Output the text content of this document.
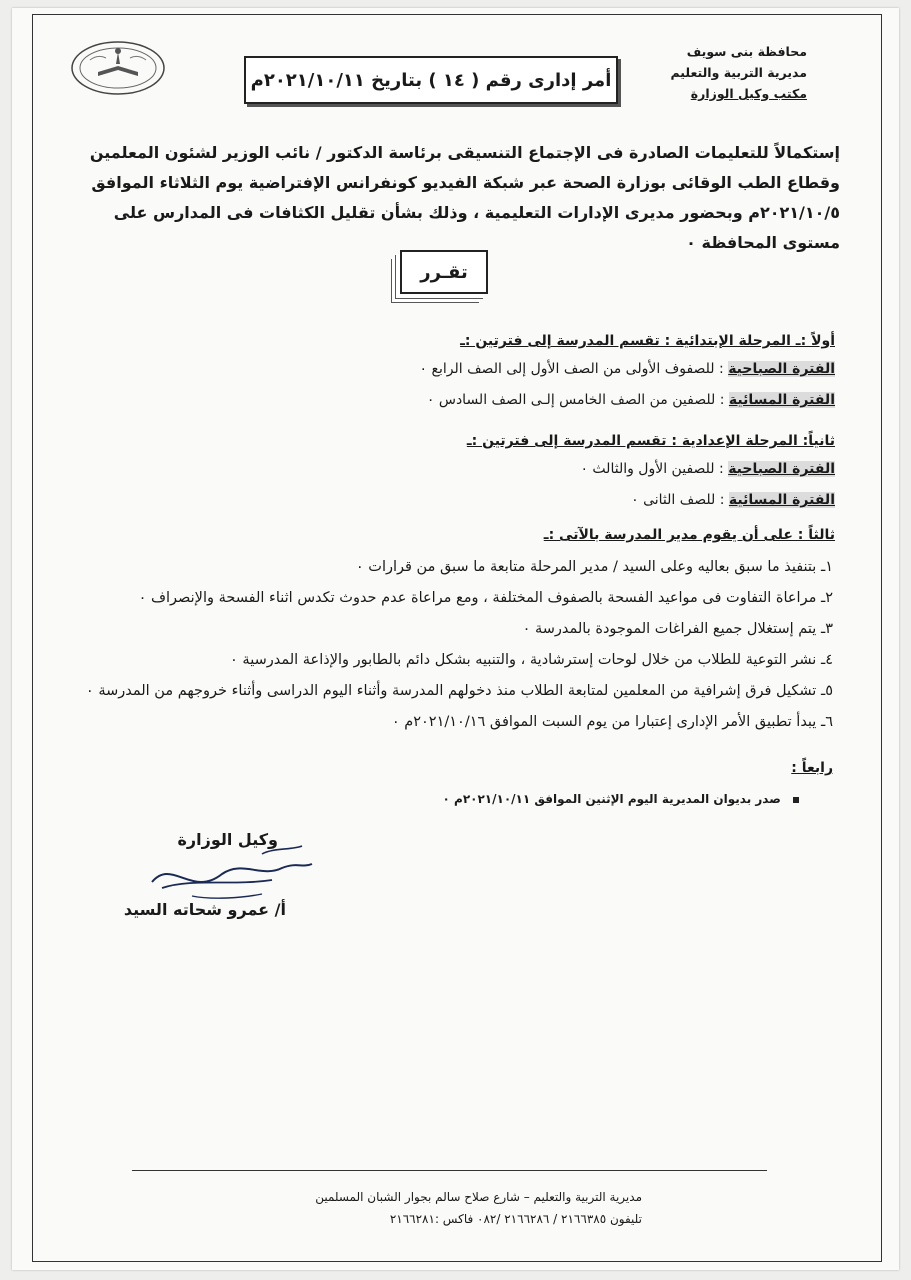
محافظة بنى سويف
مديرية التربية والتعليم
مكتب وكيل الوزارة
أمر إدارى رقم ( ١٤ ) بتاريخ ٢٠٢١/١٠/١١م
إستكمالاً للتعليمات الصادرة فى الإجتماع التنسيقى برئاسة الدكتور / نائب الوزير لشئون المعلمين وقطاع الطب الوقائى بوزارة الصحة عبر شبكة الفيديو كونفرانس الإفتراضية يوم الثلاثاء الموافق ٢٠٢١/١٠/٥م وبحضور مديرى الإدارات التعليمية ، وذلك بشأن تقليل الكثافات فى المدارس على مستوى المحافظة ٠
تقـرر
أولاً :ـ المرحلة الإبتدائية : تقسم المدرسة إلى فترتين :ـ
الفترة الصباحية : للصفوف الأولى من الصف الأول إلى الصف الرابع ٠
الفترة المسائية : للصفين من الصف الخامس إلـى الصف السادس ٠
ثانياً: المرحلة الإعدادية : تقسم المدرسة إلى فترتين :ـ
الفترة الصباحية : للصفين الأول والثالث ٠
الفترة المسائية : للصف الثانى ٠
ثالثاً : على أن يقوم مدير المدرسة بالآتى :ـ
١ـ بتنفيذ ما سبق بعاليه وعلى السيد / مدير المرحلة متابعة ما سبق من قرارات ٠
٢ـ مراعاة التفاوت فى مواعيد الفسحة بالصفوف المختلفة ، ومع مراعاة عدم حدوث تكدس اثناء الفسحة والإنصراف ٠
٣ـ يتم إستغلال جميع الفراغات الموجودة بالمدرسة ٠
٤ـ نشر التوعية للطلاب من خلال لوحات إسترشادية ، والتنبيه بشكل دائم بالطابور والإذاعة المدرسية ٠
٥ـ تشكيل فرق إشرافية من المعلمين لمتابعة الطلاب منذ دخولهم المدرسة وأثناء اليوم الدراسى وأثناء خروجهم من المدرسة ٠
٦ـ يبدأ تطبيق الأمر الإدارى إعتبارا من يوم السبت الموافق ٢٠٢١/١٠/١٦م ٠
رابعاً :
صدر بديوان المديرية اليوم الإثنين الموافق ٢٠٢١/١٠/١١م ٠
وكيل الوزارة
أ/ عمرو شحاته السيد
مديرية التربية والتعليم – شارع صلاح سالم بجوار الشبان المسلمين
تليفون ٢١٦٦٣٨٥ / ٢١٦٦٢٨٦ /٠٨٢ فاكس :٢١٦٦٢٨١
